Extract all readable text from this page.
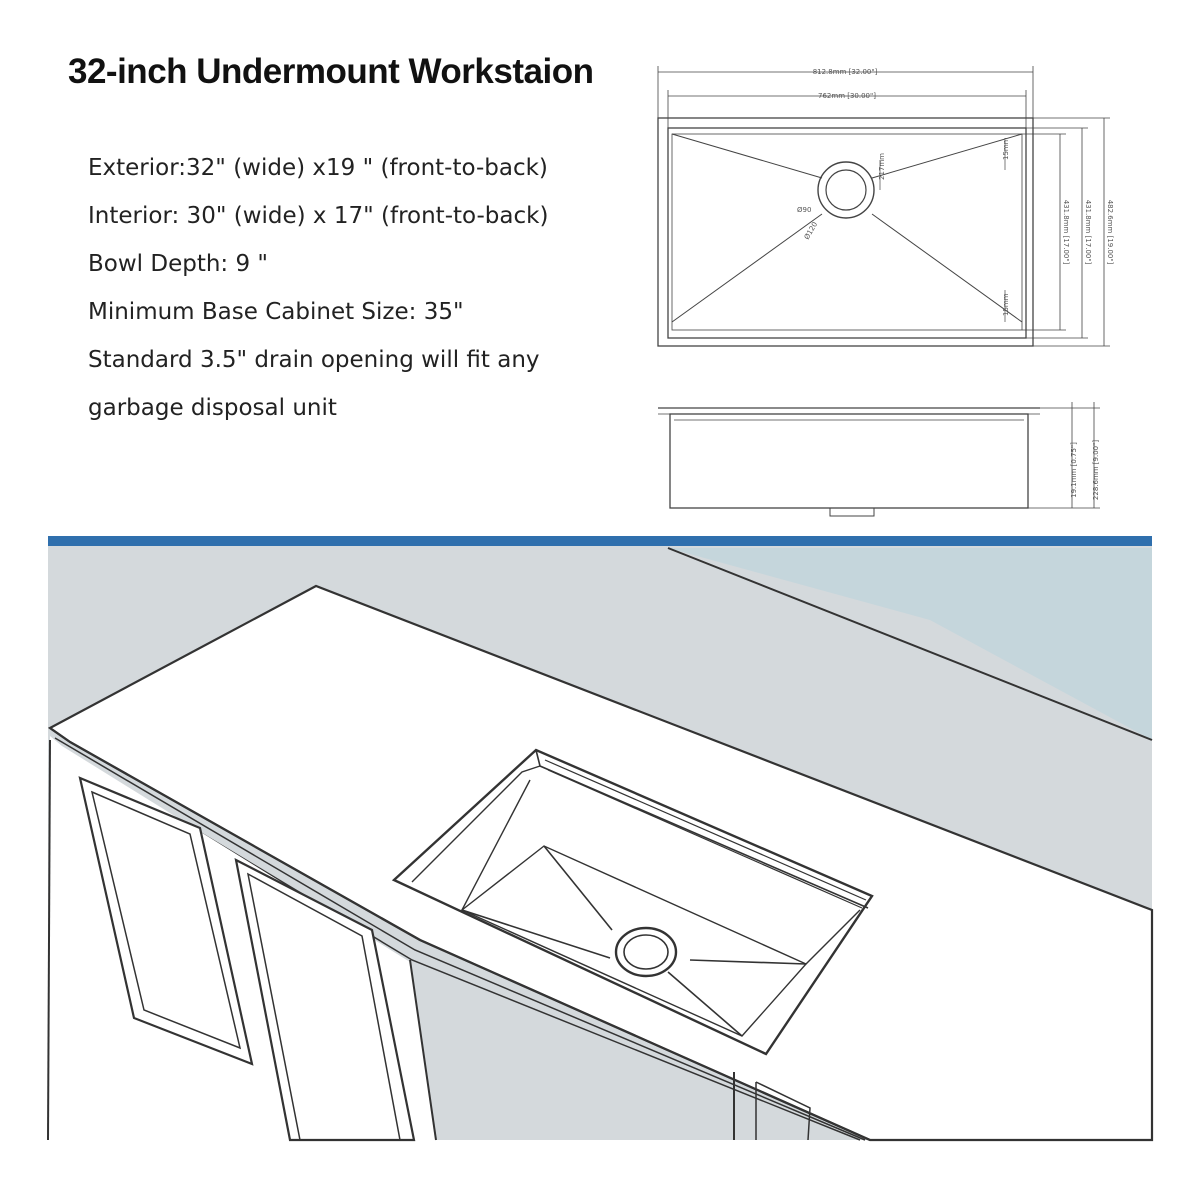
32-inch Undermount Workstaion
Exterior:32" (wide) x19 " (front-to-back)
Interior: 30" (wide) x 17" (front-to-back)
Bowl Depth: 9 "
Minimum Base Cabinet Size: 35"
Standard 3.5" drain opening will fit any
garbage disposal unit
812.8mm [32.00"]
762mm [30.00"]
431.8mm [17.00"] 431.8mm [17.00"] 482.6mm [19.00"]
Ø90
Ø120
15mm
15mm
217mm
19.1mm [0.75"] 228.6mm [9.00"]
